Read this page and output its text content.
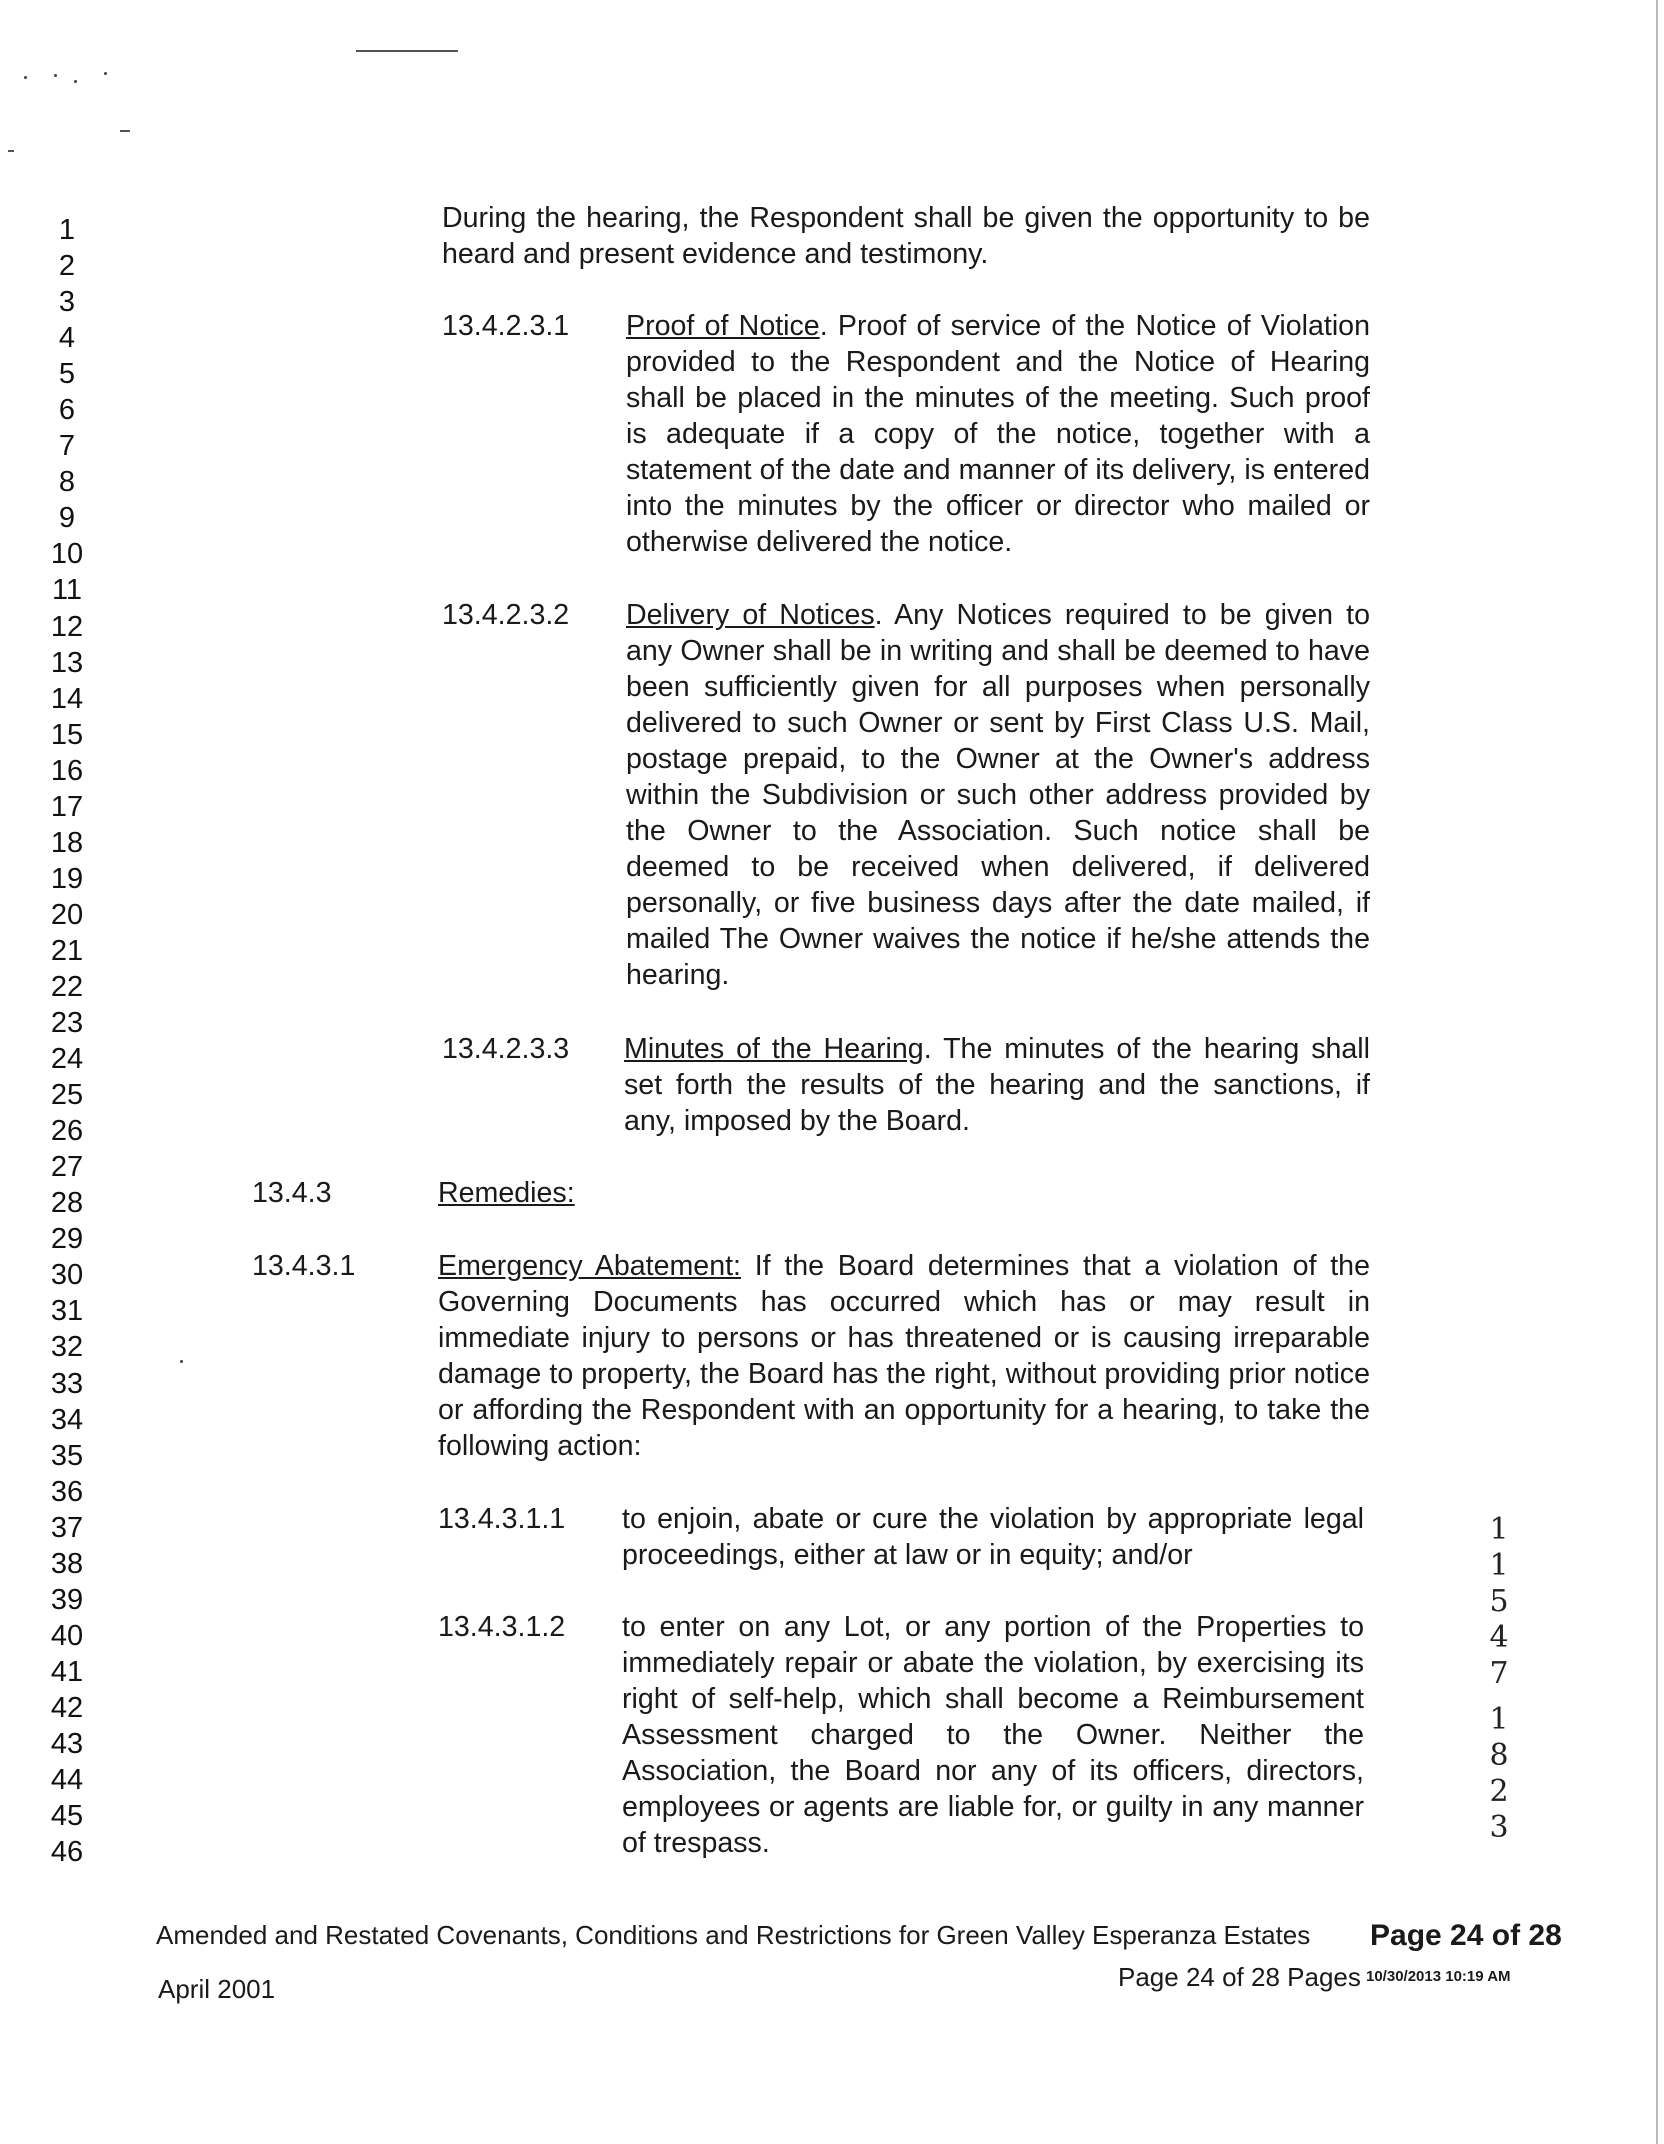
1
2
3
4
5
6
7
8
9
10
11
12
13
14
15
16
17
18
19
20
21
22
23
24
25
26
27
28
29
30
31
32
33
34
35
36
37
38
39
40
41
42
43
44
45
46
During the hearing, the Respondent shall be given the opportunity to be heard and present evidence and testimony.
13.4.2.3.1 Proof of Notice. Proof of service of the Notice of Violation provided to the Respondent and the Notice of Hearing shall be placed in the minutes of the meeting. Such proof is adequate if a copy of the notice, together with a statement of the date and manner of its delivery, is entered into the minutes by the officer or director who mailed or otherwise delivered the notice.
13.4.2.3.2 Delivery of Notices. Any Notices required to be given to any Owner shall be in writing and shall be deemed to have been sufficiently given for all purposes when personally delivered to such Owner or sent by First Class U.S. Mail, postage prepaid, to the Owner at the Owner's address within the Subdivision or such other address provided by the Owner to the Association. Such notice shall be deemed to be received when delivered, if delivered personally, or five business days after the date mailed, if mailed The Owner waives the notice if he/she attends the hearing.
13.4.2.3.3 Minutes of the Hearing. The minutes of the hearing shall set forth the results of the hearing and the sanctions, if any, imposed by the Board.
13.4.3	Remedies:
13.4.3.1	Emergency Abatement: If the Board determines that a violation of the Governing Documents has occurred which has or may result in immediate injury to persons or has threatened or is causing irreparable damage to property, the Board has the right, without providing prior notice or affording the Respondent with an opportunity for a hearing, to take the following action:
13.4.3.1.1 to enjoin, abate or cure the violation by appropriate legal proceedings, either at law or in equity; and/or
13.4.3.1.2 to enter on any Lot, or any portion of the Properties to immediately repair or abate the violation, by exercising its right of self-help, which shall become a Reimbursement Assessment charged to the Owner. Neither the Association, the Board nor any of its officers, directors, employees or agents are liable for, or guilty in any manner of trespass.
1
1
5
4
7
1
8
2
3
Amended and Restated Covenants, Conditions and Restrictions for Green Valley Esperanza Estates
April 2001
Page 24 of 28
Page 24 of 28 Pages 10/30/2013 10:19 AM
